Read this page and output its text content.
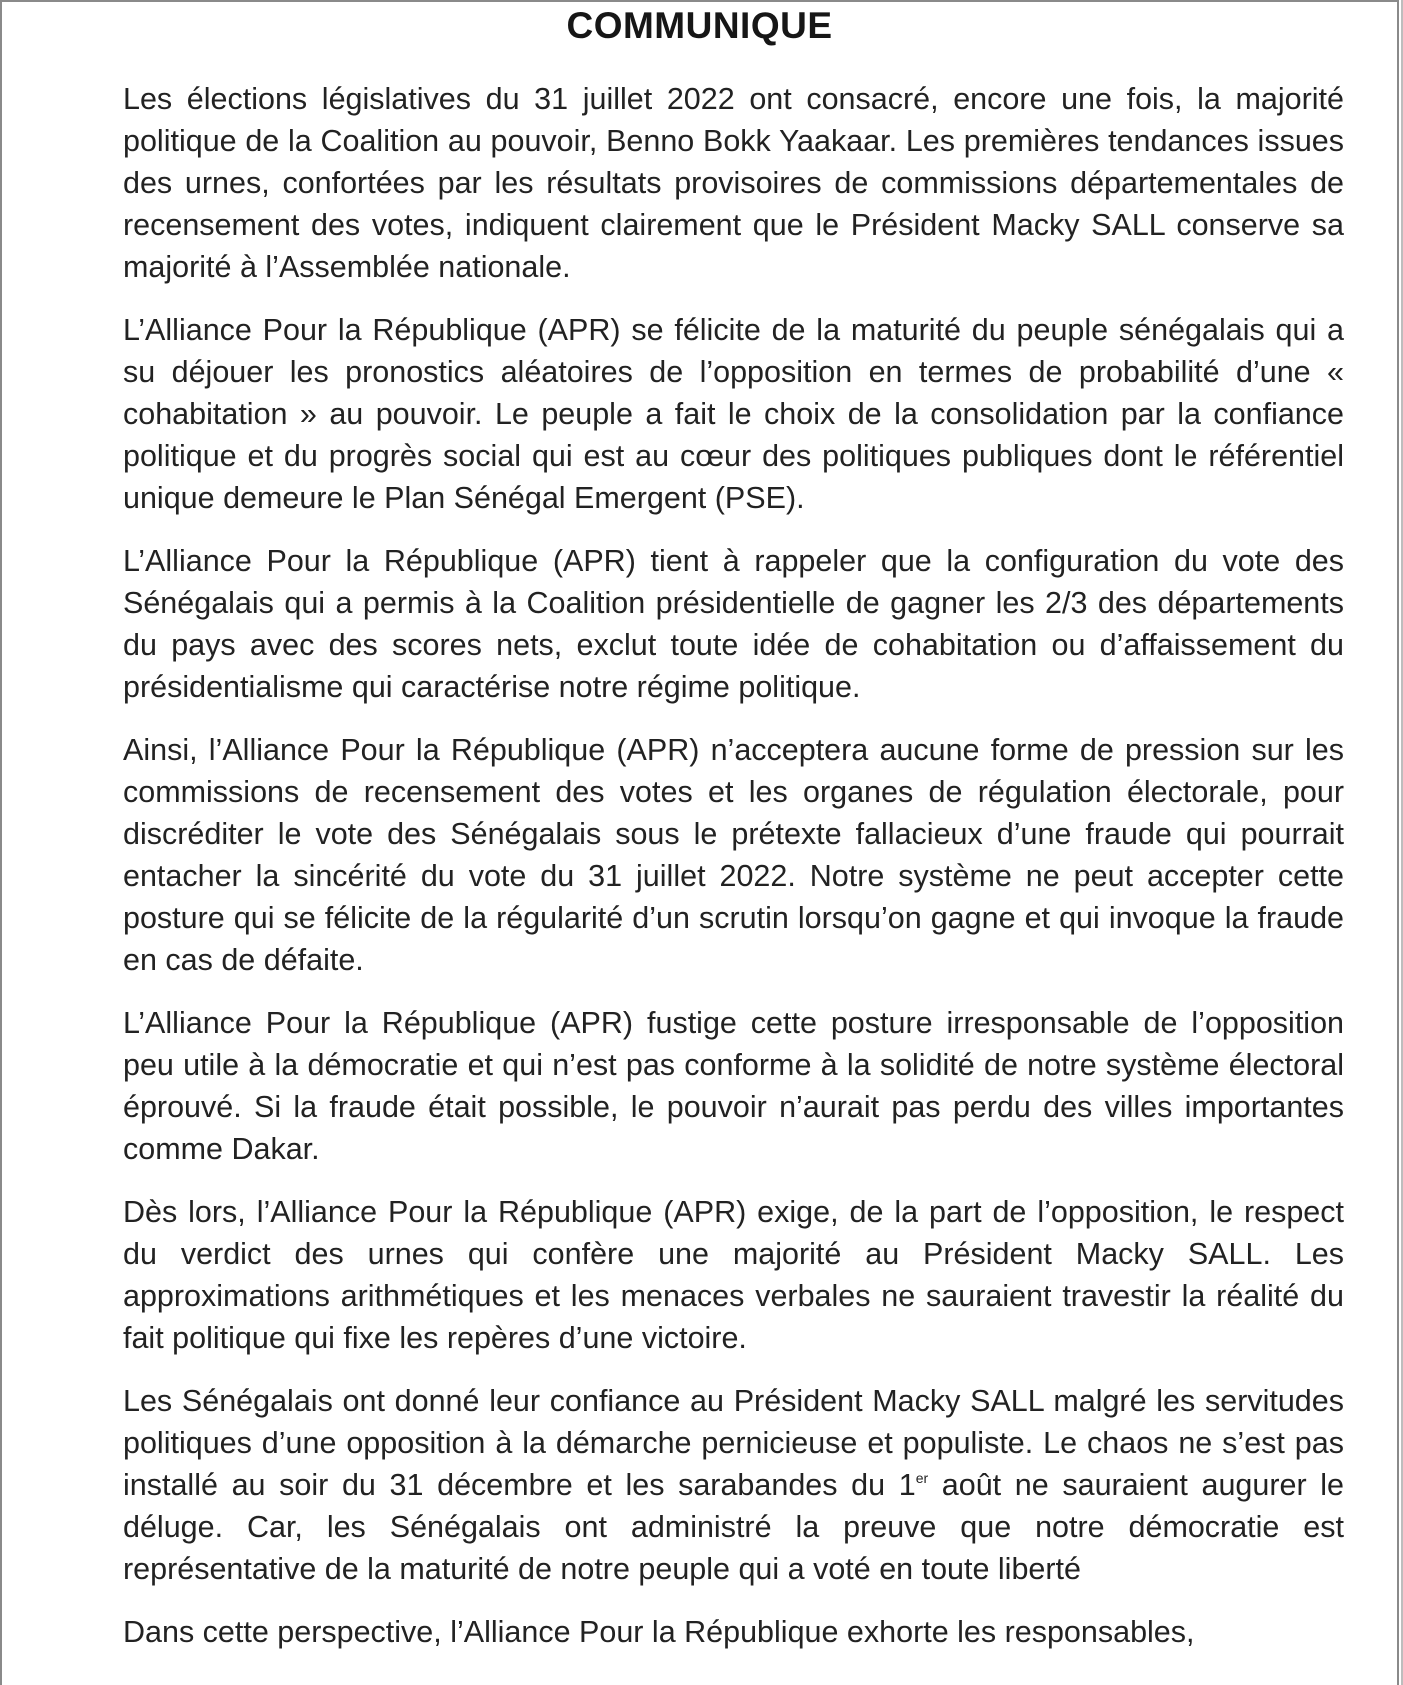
COMMUNIQUE

Les élections législatives du 31 juillet 2022 ont consacré, encore une fois, la majorité politique de la Coalition au pouvoir, Benno Bokk Yaakaar. Les premières tendances issues des urnes, confortées par les résultats provisoires de commissions départementales de recensement des votes, indiquent clairement que le Président Macky SALL conserve sa majorité à l’Assemblée nationale.

L’Alliance Pour la République (APR) se félicite de la maturité du peuple sénégalais qui a su déjouer les pronostics aléatoires de l’opposition en termes de probabilité d’une « cohabitation » au pouvoir. Le peuple a fait le choix de la consolidation par la confiance politique et du progrès social qui est au cœur des politiques publiques dont le référentiel unique demeure le Plan Sénégal Emergent (PSE).

L’Alliance Pour la République (APR) tient à rappeler que la configuration du vote des Sénégalais qui a permis à la Coalition présidentielle de gagner les 2/3 des départements du pays avec des scores nets, exclut toute idée de cohabitation ou d’affaissement du présidentialisme qui caractérise notre régime politique.

Ainsi, l’Alliance Pour la République (APR) n’acceptera aucune forme de pression sur les commissions de recensement des votes et les organes de régulation électorale, pour discréditer le vote des Sénégalais sous le prétexte fallacieux d’une fraude qui pourrait entacher la sincérité du vote du 31 juillet 2022. Notre système ne peut accepter cette posture qui se félicite de la régularité d’un scrutin lorsqu’on gagne et qui invoque la fraude en cas de défaite.

L’Alliance Pour la République (APR) fustige cette posture irresponsable de l’opposition peu utile à la démocratie et qui n’est pas conforme à la solidité de notre système électoral éprouvé. Si la fraude était possible, le pouvoir n’aurait pas perdu des villes importantes comme Dakar.

Dès lors, l’Alliance Pour la République (APR) exige, de la part de l’opposition, le respect du verdict des urnes qui confère une majorité au Président Macky SALL. Les approximations arithmétiques et les menaces verbales ne sauraient travestir la réalité du fait politique qui fixe les repères d’une victoire.

Les Sénégalais ont donné leur confiance au Président Macky SALL malgré les servitudes politiques d’une opposition à la démarche pernicieuse et populiste. Le chaos ne s’est pas installé au soir du 31 décembre et les sarabandes du 1er août ne sauraient augurer le déluge. Car, les Sénégalais ont administré la preuve que notre démocratie est représentative de la maturité de notre peuple qui a voté en toute liberté

Dans cette perspective, l’Alliance Pour la République exhorte les responsables,
